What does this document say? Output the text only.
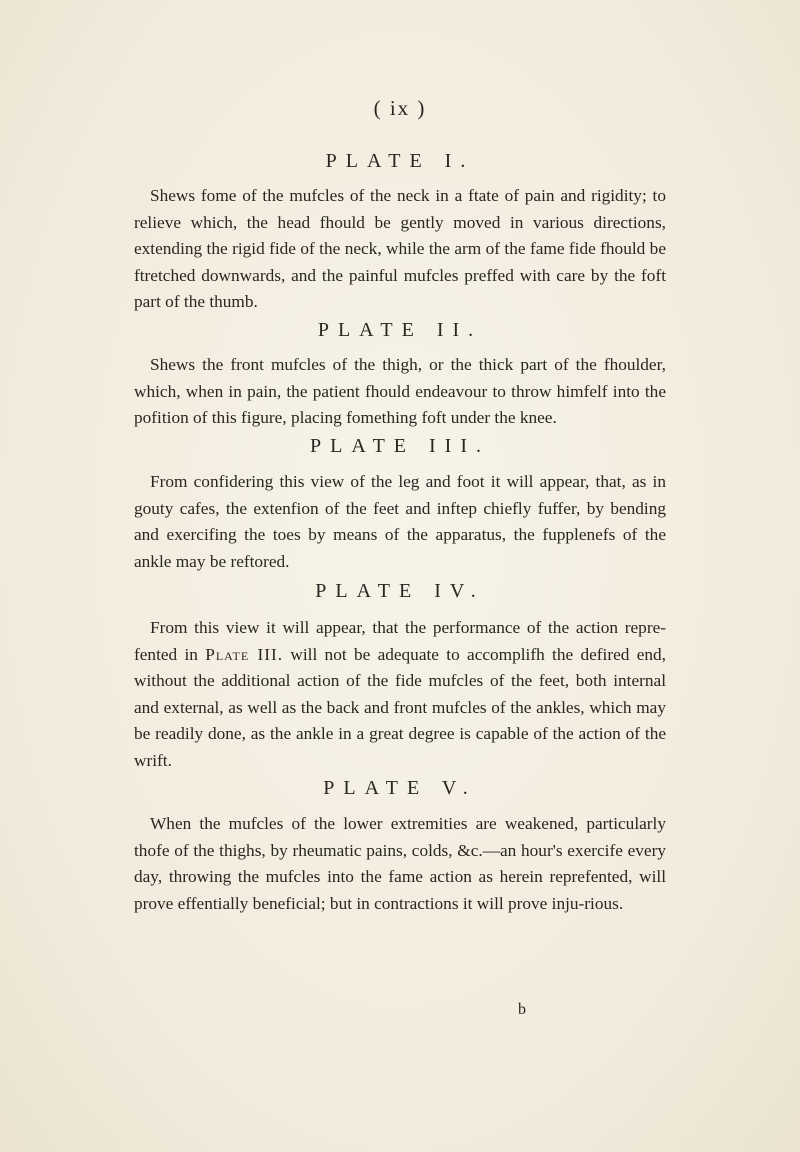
( ix )
PLATE I.
Shews fome of the mufcles of the neck in a ftate of pain and rigidity; to relieve which, the head fhould be gently moved in various directions, extending the rigid fide of the neck, while the arm of the fame fide fhould be ftretched downwards, and the painful mufcles preffed with care by the foft part of the thumb.
PLATE II.
Shews the front mufcles of the thigh, or the thick part of the fhoulder, which, when in pain, the patient fhould endeavour to throw himfelf into the pofition of this figure, placing fomething foft under the knee.
PLATE III.
From confidering this view of the leg and foot it will appear, that, as in gouty cafes, the extenfion of the feet and inftep chiefly fuffer, by bending and exercifing the toes by means of the apparatus, the fupplenefs of the ankle may be reftored.
PLATE IV.
From this view it will appear, that the performance of the action repre-fented in Plate III. will not be adequate to accomplifh the defired end, without the additional action of the fide mufcles of the feet, both internal and external, as well as the back and front mufcles of the ankles, which may be readily done, as the ankle in a great degree is capable of the action of the wrift.
PLATE V.
When the mufcles of the lower extremities are weakened, particularly thofe of the thighs, by rheumatic pains, colds, &c.—an hour's exercife every day, throwing the mufcles into the fame action as herein reprefented, will prove effentially beneficial; but in contractions it will prove inju-rious.
b
